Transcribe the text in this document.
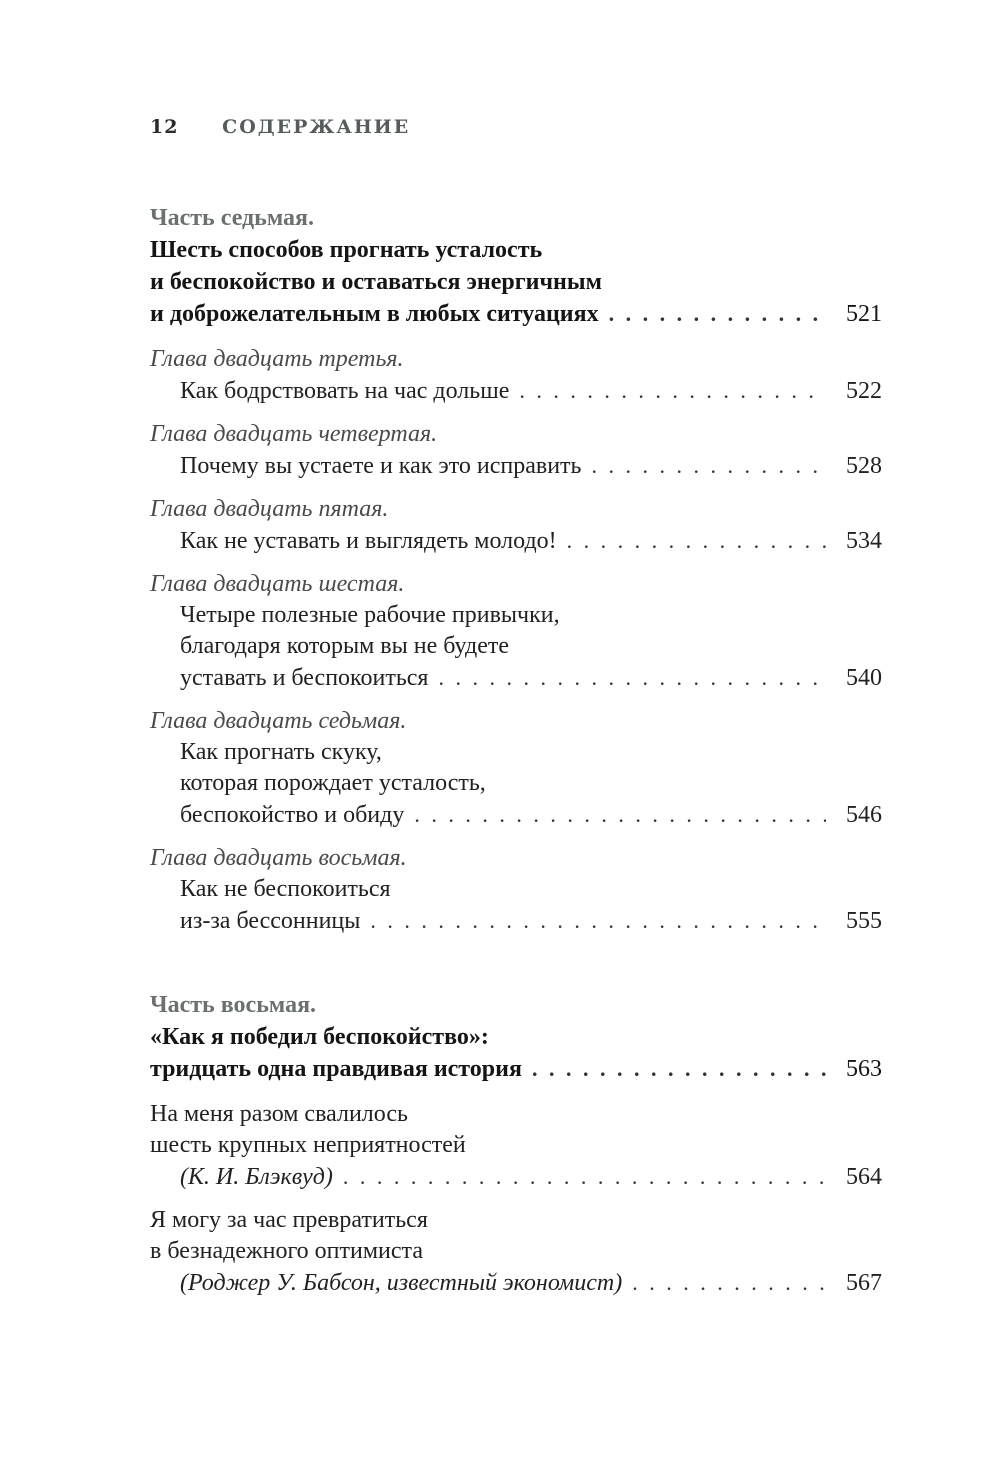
12 СОДЕРЖАНИЕ
Часть седьмая.
Шесть способов прогнать усталость
и беспокойство и оставаться энергичным
и доброжелательным в любых ситуациях . . .	521
Глава двадцать третья.
Как бодрствовать на час дольше . . .	522
Глава двадцать четвертая.
Почему вы устаете и как это исправить . . .	528
Глава двадцать пятая.
Как не уставать и выглядеть молодо! . . .	534
Глава двадцать шестая.
Четыре полезные рабочие привычки,
благодаря которым вы не будете
уставать и беспокоиться . . .	540
Глава двадцать седьмая.
Как прогнать скуку,
которая порождает усталость,
беспокойство и обиду . . .	546
Глава двадцать восьмая.
Как не беспокоиться
из-за бессонницы . . .	555
Часть восьмая.
«Как я победил беспокойство»:
тридцать одна правдивая история . . .	563
На меня разом свалилось
шесть крупных неприятностей
(К. И. Блэквуд) . . .	564
Я могу за час превратиться
в безнадежного оптимиста
(Роджер У. Бабсон, известный экономист) . . .	567
